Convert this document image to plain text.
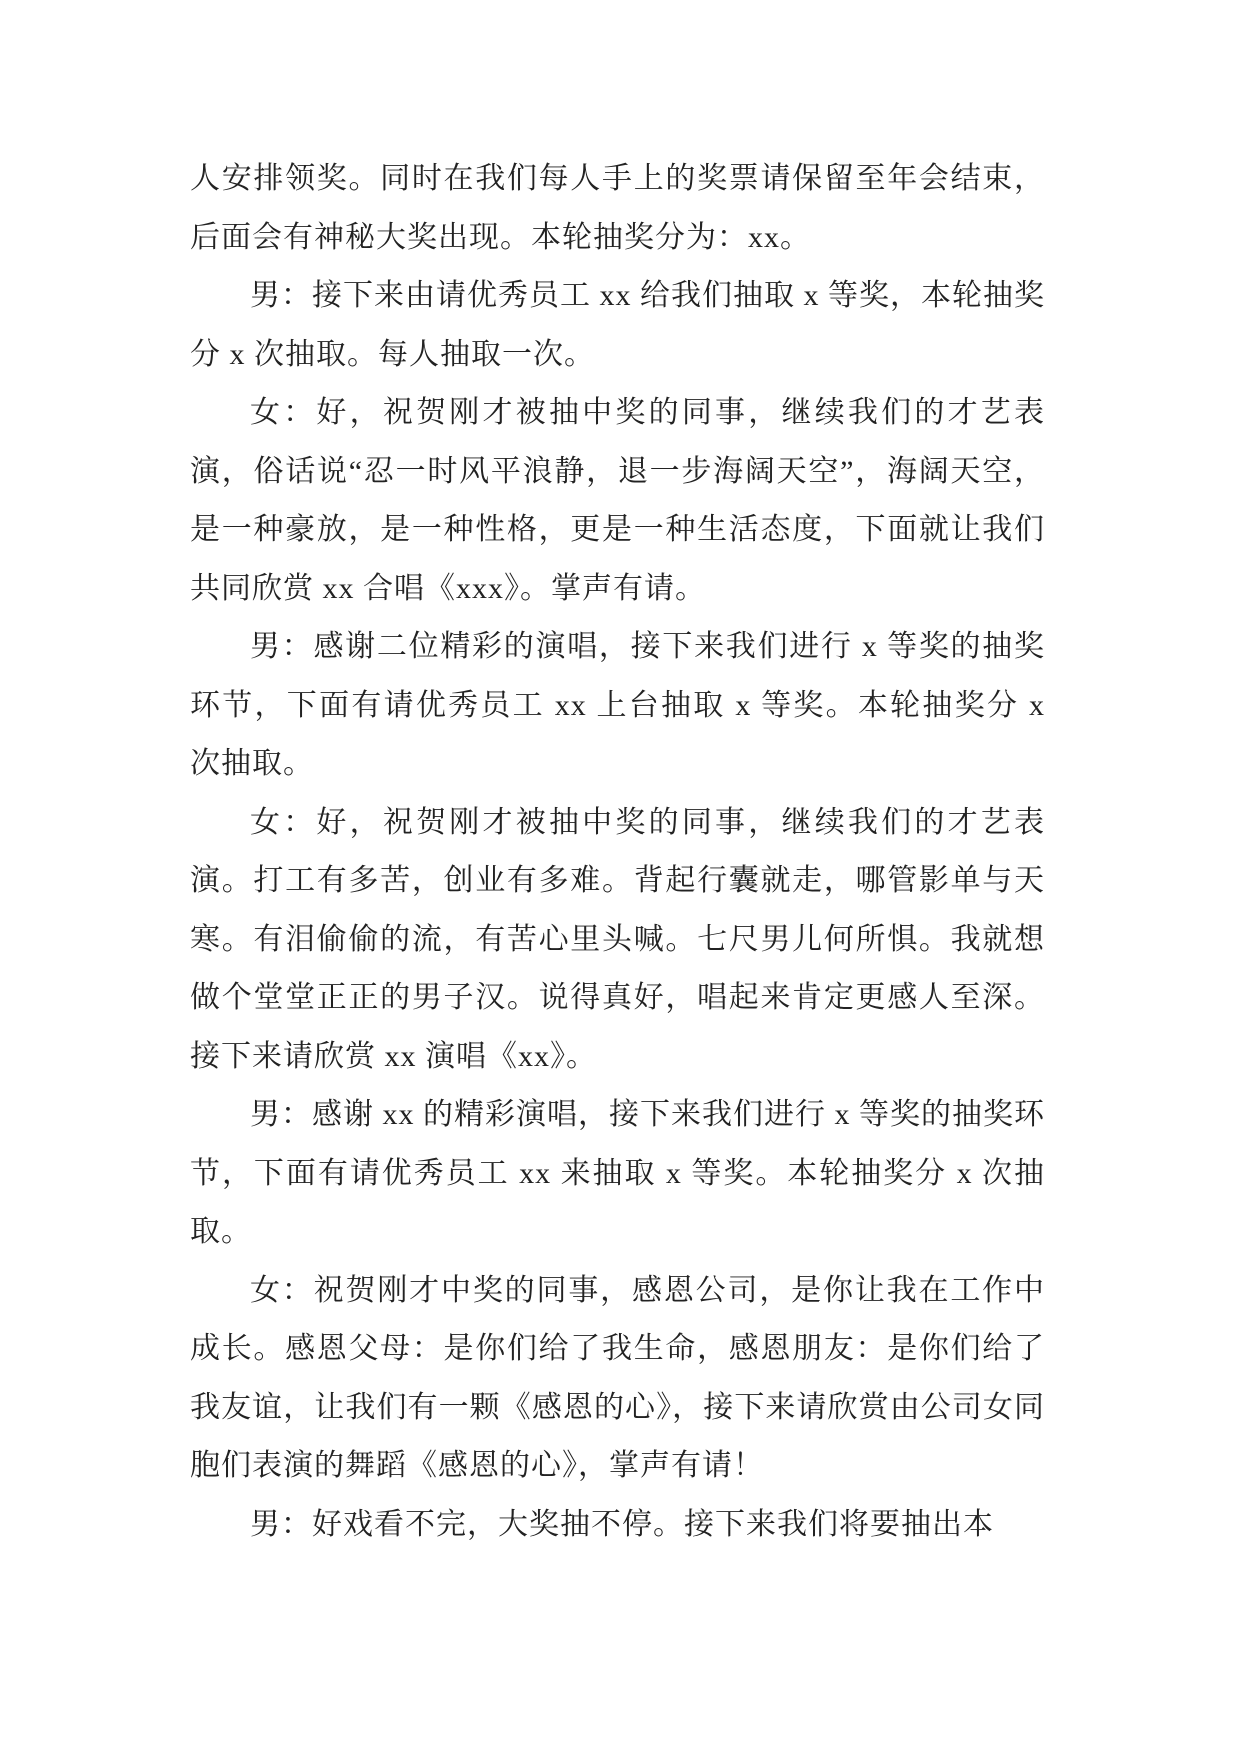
人安排领奖。同时在我们每人手上的奖票请保留至年会结束，后面会有神秘大奖出现。本轮抽奖分为：xx。

男：接下来由请优秀员工 xx 给我们抽取 x 等奖，本轮抽奖分 x 次抽取。每人抽取一次。

女：好，祝贺刚才被抽中奖的同事，继续我们的才艺表演，俗话说“忍一时风平浪静，退一步海阔天空”，海阔天空，是一种豪放，是一种性格，更是一种生活态度，下面就让我们共同欣赏 xx 合唱《xxx》。掌声有请。

男：感谢二位精彩的演唱，接下来我们进行 x 等奖的抽奖环节，下面有请优秀员工 xx 上台抽取 x 等奖。本轮抽奖分 x 次抽取。

女：好，祝贺刚才被抽中奖的同事，继续我们的才艺表演。打工有多苦，创业有多难。背起行囊就走，哪管影单与天寒。有泪偷偷的流，有苦心里头喊。七尺男儿何所惧。我就想做个堂堂正正的男子汉。说得真好，唱起来肯定更感人至深。接下来请欣赏 xx 演唱《xx》。

男：感谢 xx 的精彩演唱，接下来我们进行 x 等奖的抽奖环节，下面有请优秀员工 xx 来抽取 x 等奖。本轮抽奖分 x 次抽取。

女：祝贺刚才中奖的同事，感恩公司，是你让我在工作中成长。感恩父母：是你们给了我生命，感恩朋友：是你们给了我友谊，让我们有一颗《感恩的心》，接下来请欣赏由公司女同胞们表演的舞蹈《感恩的心》，掌声有请！

男：好戏看不完，大奖抽不停。接下来我们将要抽出本
